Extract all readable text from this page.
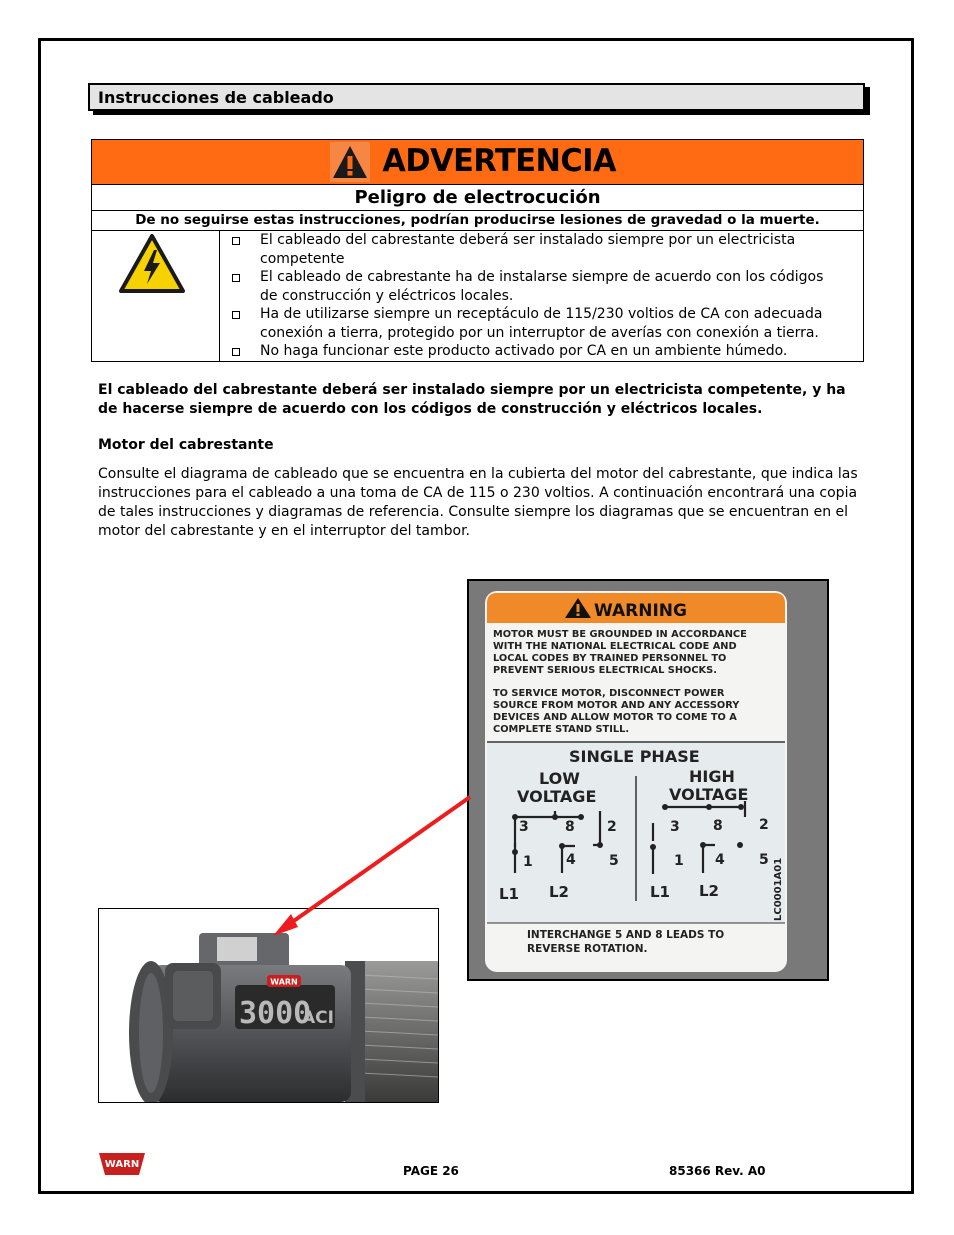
Instrucciones de cableado
ADVERTENCIA
Peligro de electrocución
De no seguirse estas instrucciones, podrían producirse lesiones de gravedad o la muerte.
El cableado del cabrestante deberá ser instalado siempre por un electricista competente
El cableado de cabrestante ha de instalarse siempre de acuerdo con los códigos de construcción y eléctricos locales.
Ha de utilizarse siempre un receptáculo de 115/230 voltios de CA con adecuada conexión a tierra, protegido por un interruptor de averías con conexión a tierra.
No haga funcionar este producto activado por CA en un ambiente húmedo.

El cableado del cabrestante deberá ser instalado siempre por un electricista competente, y ha de hacerse siempre de acuerdo con los códigos de construcción y eléctricos locales.

Motor del cabrestante

Consulte el diagrama de cableado que se encuentra en la cubierta del motor del cabrestante, que indica las instrucciones para el cableado a una toma de CA de 115 o 230 voltios. A continuación encontrará una copia de tales instrucciones y diagramas de referencia. Consulte siempre los diagramas que se encuentran en el motor del cabrestante y en el interruptor del tambor.

WARNING
MOTOR MUST BE GROUNDED IN ACCORDANCE
WITH THE NATIONAL ELECTRICAL CODE AND
LOCAL CODES BY TRAINED PERSONNEL TO
PREVENT SERIOUS ELECTRICAL SHOCKS.
TO SERVICE MOTOR, DISCONNECT POWER
SOURCE FROM MOTOR AND ANY ACCESSORY
DEVICES AND ALLOW MOTOR TO COME TO A
COMPLETE STAND STILL.
SINGLE PHASE
LOW
VOLTAGE
HIGH
VOLTAGE
3	8 2
1 4 5
L1 L2
3 8	2
1 4 5
L1 L2	LC0001A01
INTERCHANGE 5 AND 8 LEADS TO
REVERSE ROTATION.
WARN
3000
ACI
WARN	PAGE 26	85366 Rev. A0
